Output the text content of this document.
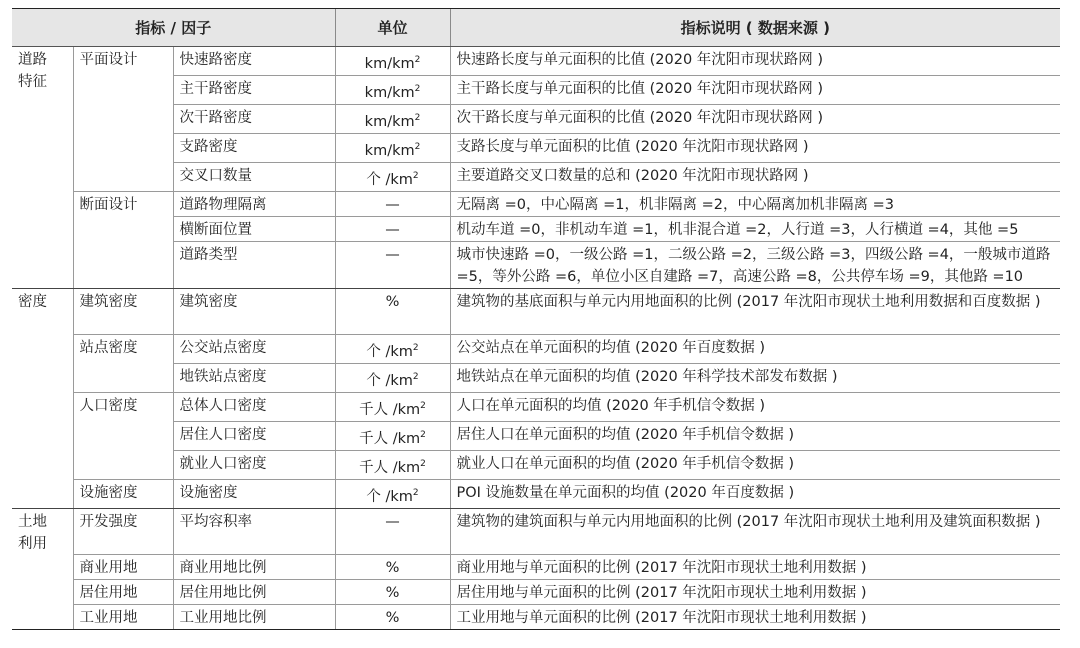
指标 / 因子			单位	指标说明 ( 数据来源 )
道路
特征	平面设计	快速路密度	$km/km^2$	快速路长度与单元面积的比值 (2020 年沈阳市现状路网 )
		主干路密度	$km/km^2$	主干路长度与单元面积的比值 (2020 年沈阳市现状路网 )
		次干路密度	$km/km^2$	次干路长度与单元面积的比值 (2020 年沈阳市现状路网 )
		支路密度	$km/km^2$	支路长度与单元面积的比值 (2020 年沈阳市现状路网 )
		交叉口数量	个 $/km^2$	主要道路交叉口数量的总和 (2020 年沈阳市现状路网 )
	断面设计	道路物理隔离	—	无隔离 =0，中心隔离 =1，机非隔离 =2，中心隔离加机非隔离 =3
		横断面位置	—	机动车道 =0，非机动车道 =1，机非混合道 =2，人行道 =3，人行横道 =4，其他 =5
		道路类型	—	城市快速路 =0，一级公路 =1，二级公路 =2，三级公路 =3，四级公路 =4，一般城市道路 =5，等外公路 =6，单位小区自建路 =7，高速公路 =8，公共停车场 =9，其他路 =10
密度	建筑密度	建筑密度	%	建筑物的基底面积与单元内用地面积的比例 (2017 年沈阳市现状土地利用数据和百度数据 )
	站点密度	公交站点密度	个 $/km^2$	公交站点在单元面积的均值 (2020 年百度数据 )
		地铁站点密度	个 $/km^2$	地铁站点在单元面积的均值 (2020 年科学技术部发布数据 )
	人口密度	总体人口密度	千人 $/km^2$	人口在单元面积的均值 (2020 年手机信令数据 )
		居住人口密度	千人 $/km^2$	居住人口在单元面积的均值 (2020 年手机信令数据 )
		就业人口密度	千人 $/km^2$	就业人口在单元面积的均值 (2020 年手机信令数据 )
	设施密度	设施密度	个 $/km^2$	POI 设施数量在单元面积的均值 (2020 年百度数据 )
土地
利用	开发强度	平均容积率	—	建筑物的建筑面积与单元内用地面积的比例 (2017 年沈阳市现状土地利用及建筑面积数据 )
	商业用地	商业用地比例	%	商业用地与单元面积的比例 (2017 年沈阳市现状土地利用数据 )
	居住用地	居住用地比例	%	居住用地与单元面积的比例 (2017 年沈阳市现状土地利用数据 )
	工业用地	工业用地比例	%	工业用地与单元面积的比例 (2017 年沈阳市现状土地利用数据 )
